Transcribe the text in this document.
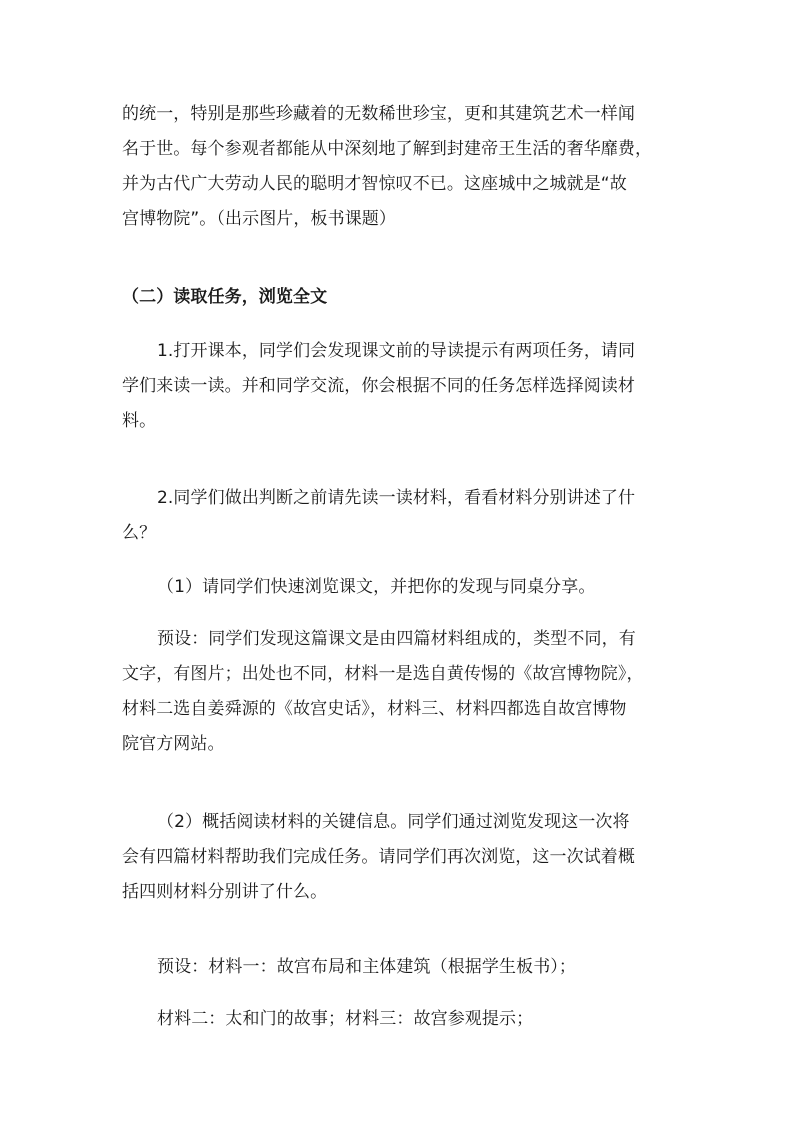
的统一，特别是那些珍藏着的无数稀世珍宝，更和其建筑艺术一样闻
名于世。每个参观者都能从中深刻地了解到封建帝王生活的奢华靡费，
并为古代广大劳动人民的聪明才智惊叹不已。这座城中之城就是“故
宫博物院”。（出示图片，板书课题）
（二）读取任务，浏览全文
1.打开课本，同学们会发现课文前的导读提示有两项任务，请同
学们来读一读。并和同学交流，你会根据不同的任务怎样选择阅读材
料。
2.同学们做出判断之前请先读一读材料，看看材料分别讲述了什
么？
（1）请同学们快速浏览课文，并把你的发现与同桌分享。
预设：同学们发现这篇课文是由四篇材料组成的，类型不同，有
文字，有图片；出处也不同，材料一是选自黄传惕的《故宫博物院》，
材料二选自姜舜源的《故宫史话》，材料三、材料四都选自故宫博物
院官方网站。
（2）概括阅读材料的关键信息。同学们通过浏览发现这一次将
会有四篇材料帮助我们完成任务。请同学们再次浏览，这一次试着概
括四则材料分别讲了什么。
预设：材料一：故宫布局和主体建筑（根据学生板书）；
材料二：太和门的故事；材料三：故宫参观提示；
